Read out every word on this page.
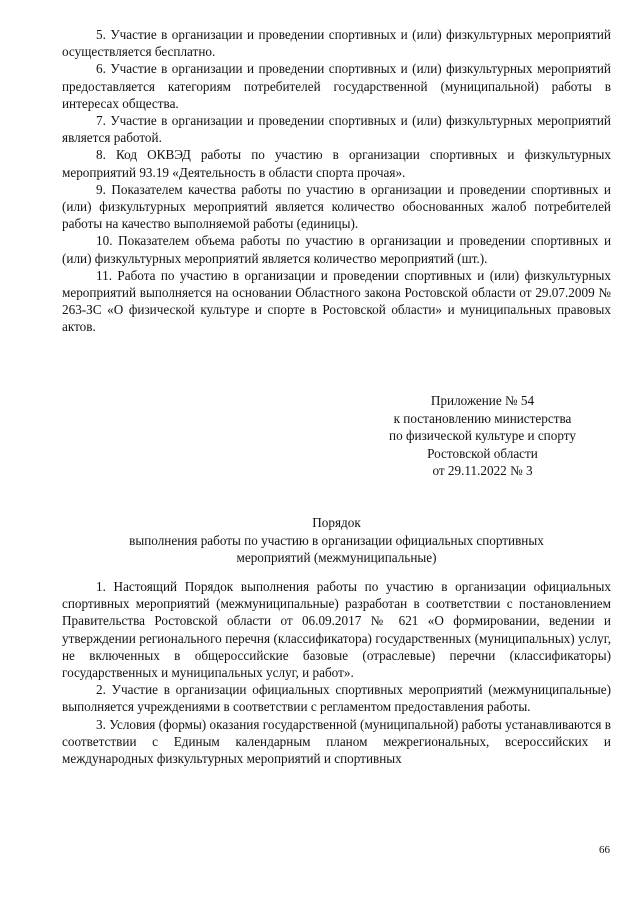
5. Участие в организации и проведении спортивных и (или) физкультурных мероприятий осуществляется бесплатно.

6. Участие в организации и проведении спортивных и (или) физкультурных мероприятий предоставляется категориям потребителей государственной (муниципальной) работы в интересах общества.

7. Участие в организации и проведении спортивных и (или) физкультурных мероприятий является работой.

8. Код ОКВЭД работы по участию в организации спортивных и физкультурных мероприятий 93.19 «Деятельность в области спорта прочая».

9. Показателем качества работы по участию в организации и проведении спортивных и (или) физкультурных мероприятий является количество обоснованных жалоб потребителей работы на качество выполняемой работы (единицы).

10. Показателем объема работы по участию в организации и проведении спортивных и (или) физкультурных мероприятий является количество мероприятий (шт.).

11. Работа по участию в организации и проведении спортивных и (или) физкультурных мероприятий выполняется на основании Областного закона Ростовской области от 29.07.2009 № 263-ЗС «О физической культуре и спорте в Ростовской области» и муниципальных правовых актов.

Приложение № 54
к постановлению министерства
по физической культуре и спорту
Ростовской области
от 29.11.2022 № 3
Порядок
выполнения работы по участию в организации официальных спортивных
мероприятий (межмуниципальные)

1. Настоящий Порядок выполнения работы по участию в организации официальных спортивных мероприятий (межмуниципальные) разработан в соответствии с постановлением Правительства Ростовской области от 06.09.2017 № 621 «О формировании, ведении и утверждении регионального перечня (классификатора) государственных (муниципальных) услуг, не включенных в общероссийские базовые (отраслевые) перечни (классификаторы) государственных и муниципальных услуг, и работ».

2. Участие в организации официальных спортивных мероприятий (межмуниципальные) выполняется учреждениями в соответствии с регламентом предоставления работы.

3. Условия (формы) оказания государственной (муниципальной) работы устанавливаются в соответствии с Единым календарным планом межрегиональных, всероссийских и международных физкультурных мероприятий и спортивных

66
